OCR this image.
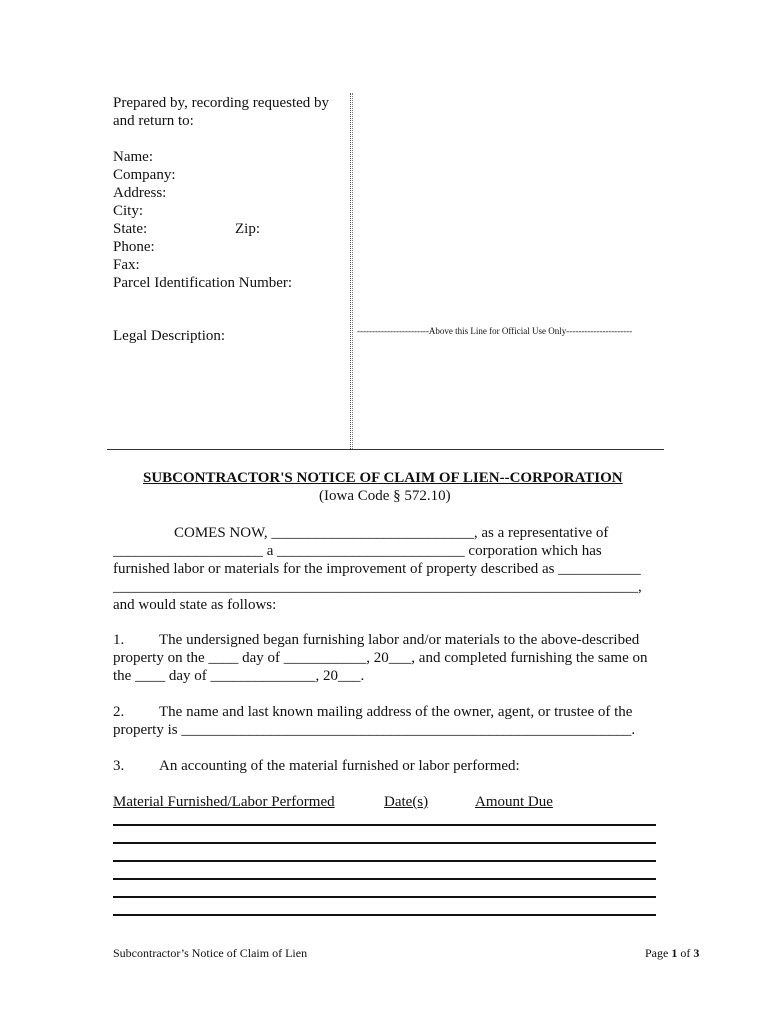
Prepared by, recording requested by
and return to:
Name:
Company:
Address:
City:
State:	Zip:
Phone:
Fax:
Parcel Identification Number:
Legal Description:	------------------------Above this Line for Official Use Only----------------------
SUBCONTRACTOR'S NOTICE OF CLAIM OF LIEN--CORPORATION
(Iowa Code § 572.10)
COMES NOW, ___________________________, as a representative of
____________________ a _________________________ corporation which has
furnished labor or materials for the improvement of property described as ___________
______________________________________________________________________,
and would state as follows:
1. The undersigned began furnishing labor and/or materials to the above-described
property on the ____ day of ___________, 20___, and completed furnishing the same on
the ____ day of ______________, 20___.
2. The name and last known mailing address of the owner, agent, or trustee of the
property is ____________________________________________________________.
3. An accounting of the material furnished or labor performed:
Material Furnished/Labor Performed	Date(s)	Amount Due
Subcontractor’s Notice of Claim of Lien	Page 1 of 3
